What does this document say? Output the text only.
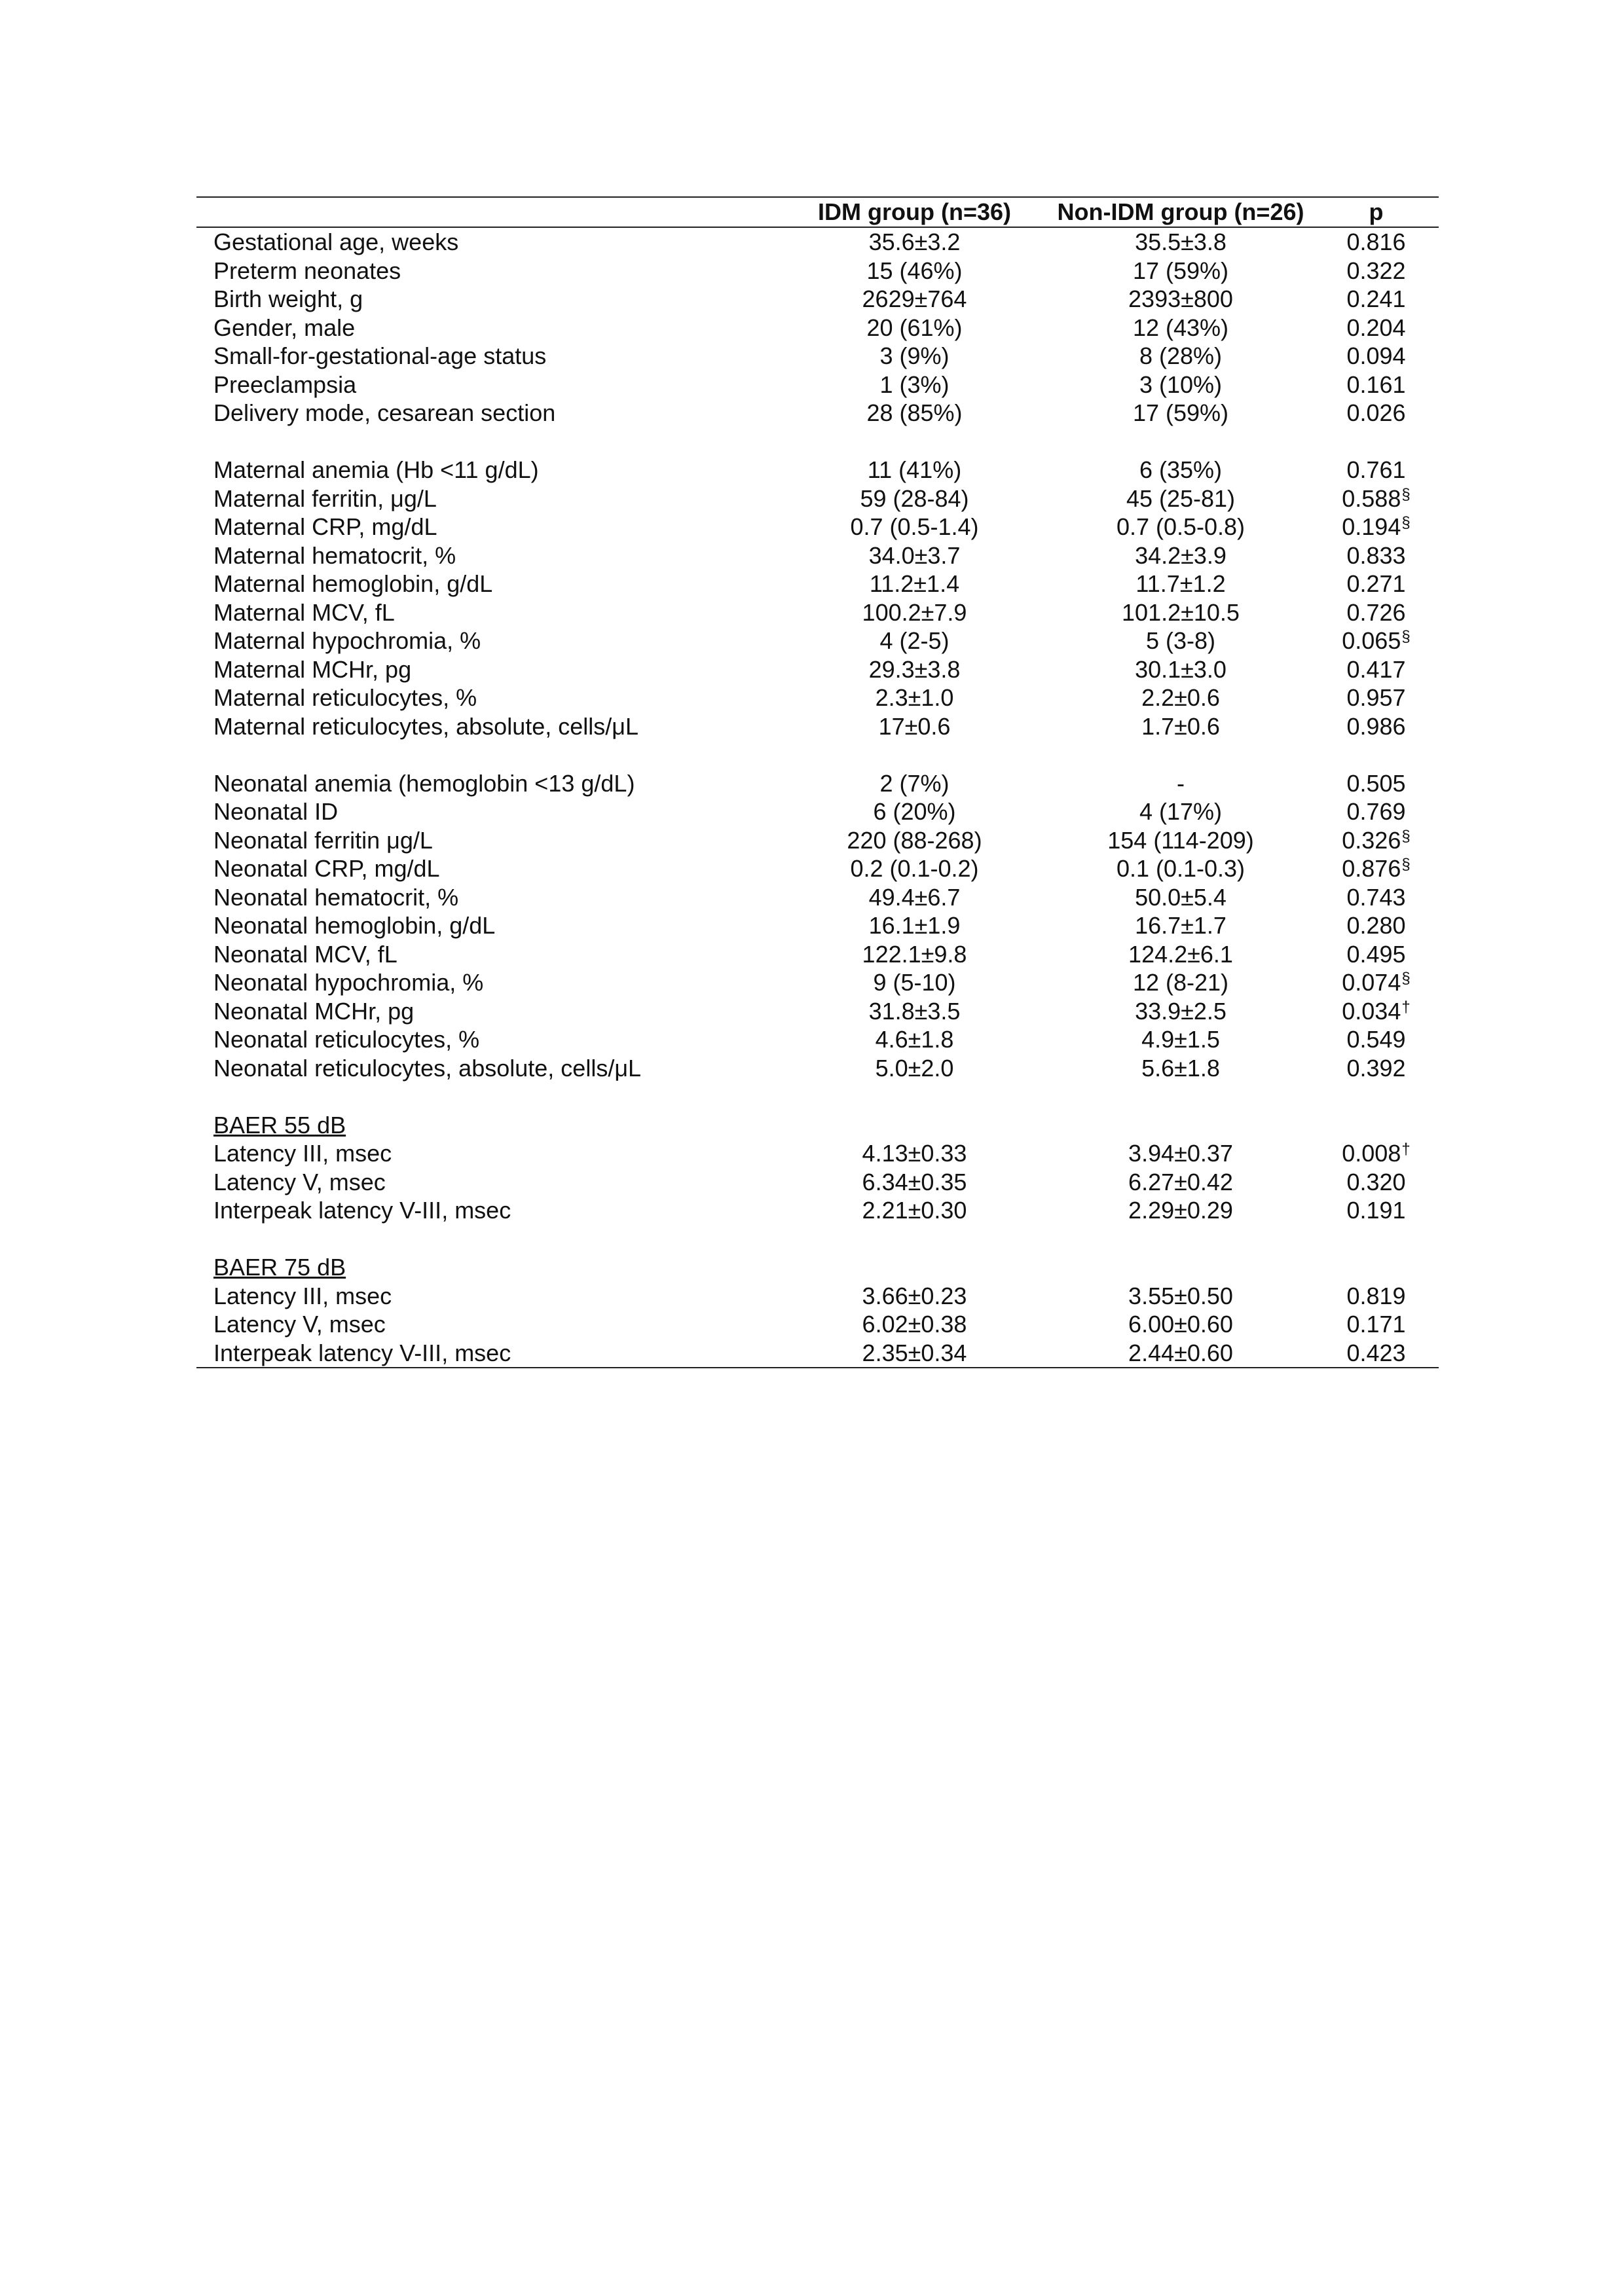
	IDM group (n=36)	Non-IDM group (n=26)	p
Gestational age, weeks	35.6±3.2	35.5±3.8	0.816
Preterm neonates	15 (46%)	17 (59%)	0.322
Birth weight, g	2629±764	2393±800	0.241
Gender, male	20 (61%)	12 (43%)	0.204
Small-for-gestational-age status	3 (9%)	8 (28%)	0.094
Preeclampsia	1 (3%)	3 (10%)	0.161
Delivery mode, cesarean section	28 (85%)	17 (59%)	0.026

Maternal anemia (Hb <11 g/dL)	11 (41%)	6 (35%)	0.761
Maternal ferritin, μg/L	59 (28-84)	45 (25-81)	0.588§
Maternal CRP, mg/dL	0.7 (0.5-1.4)	0.7 (0.5-0.8)	0.194§
Maternal hematocrit, %	34.0±3.7	34.2±3.9	0.833
Maternal hemoglobin, g/dL	11.2±1.4	11.7±1.2	0.271
Maternal MCV, fL	100.2±7.9	101.2±10.5	0.726
Maternal hypochromia, %	4 (2-5)	5 (3-8)	0.065§
Maternal MCHr, pg	29.3±3.8	30.1±3.0	0.417
Maternal reticulocytes, %	2.3±1.0	2.2±0.6	0.957
Maternal reticulocytes, absolute, cells/μL	17±0.6	1.7±0.6	0.986

Neonatal anemia (hemoglobin <13 g/dL)	2 (7%)	-	0.505
Neonatal ID	6 (20%)	4 (17%)	0.769
Neonatal ferritin μg/L	220 (88-268)	154 (114-209)	0.326§
Neonatal CRP, mg/dL	0.2 (0.1-0.2)	0.1 (0.1-0.3)	0.876§
Neonatal hematocrit, %	49.4±6.7	50.0±5.4	0.743
Neonatal hemoglobin, g/dL	16.1±1.9	16.7±1.7	0.280
Neonatal MCV, fL	122.1±9.8	124.2±6.1	0.495
Neonatal hypochromia, %	9 (5-10)	12 (8-21)	0.074§
Neonatal MCHr, pg	31.8±3.5	33.9±2.5	0.034†
Neonatal reticulocytes, %	4.6±1.8	4.9±1.5	0.549
Neonatal reticulocytes, absolute, cells/μL	5.0±2.0	5.6±1.8	0.392

BAER 55 dB			
Latency III, msec	4.13±0.33	3.94±0.37	0.008†
Latency V, msec	6.34±0.35	6.27±0.42	0.320
Interpeak latency V-III, msec	2.21±0.30	2.29±0.29	0.191

BAER 75 dB			
Latency III, msec	3.66±0.23	3.55±0.50	0.819
Latency V, msec	6.02±0.38	6.00±0.60	0.171
Interpeak latency V-III, msec	2.35±0.34	2.44±0.60	0.423
